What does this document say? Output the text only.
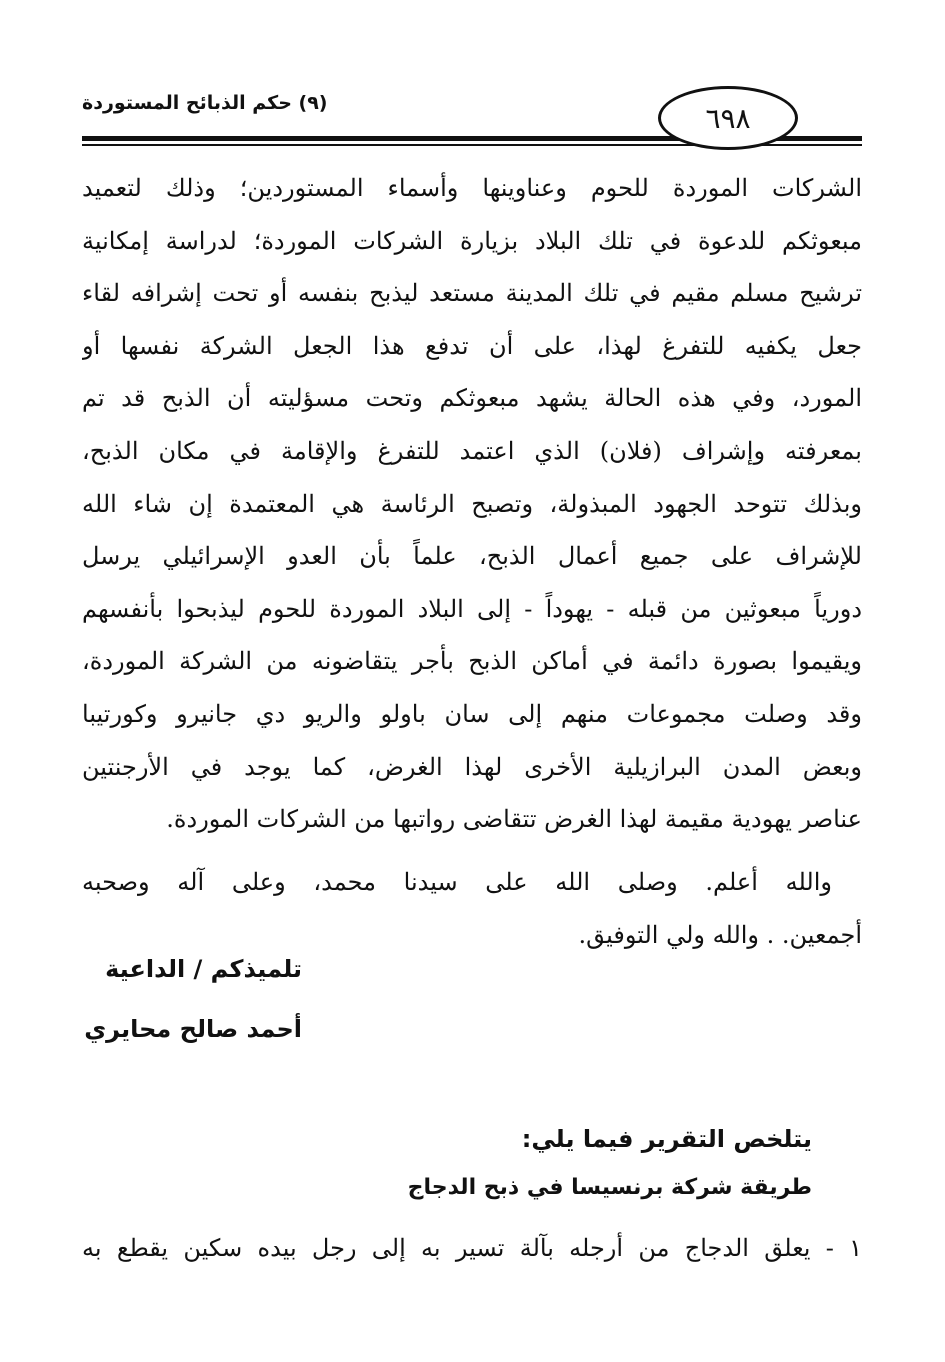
٦٩٨
(٩) حكم الذبائح المستوردة
الشركات الموردة للحوم وعناوينها وأسماء المستوردين؛ وذلك لتعميد
مبعوثكم للدعوة في تلك البلاد بزيارة الشركات الموردة؛ لدراسة إمكانية
ترشيح مسلم مقيم في تلك المدينة مستعد ليذبح بنفسه أو تحت إشرافه لقاء
جعل يكفيه للتفرغ لهذا، على أن تدفع هذا الجعل الشركة نفسها أو
المورد، وفي هذه الحالة يشهد مبعوثكم وتحت مسؤليته أن الذبح قد تم
بمعرفته وإشراف (فلان) الذي اعتمد للتفرغ والإقامة في مكان الذبح،
وبذلك تتوحد الجهود المبذولة، وتصبح الرئاسة هي المعتمدة إن شاء الله
للإشراف على جميع أعمال الذبح، علماً بأن العدو الإسرائيلي يرسل
دورياً مبعوثين من قبله - يهوداً - إلى البلاد الموردة للحوم ليذبحوا بأنفسهم
ويقيموا بصورة دائمة في أماكن الذبح بأجر يتقاضونه من الشركة الموردة،
وقد وصلت مجموعات منهم إلى سان باولو والريو دي جانيرو وكورتيبا
وبعض المدن البرازيلية الأخرى لهذا الغرض، كما يوجد في الأرجنتين
عناصر يهودية مقيمة لهذا الغرض تتقاضى رواتبها من الشركات الموردة.
والله أعلم. وصلى الله على سيدنا محمد، وعلى آله وصحبه
أجمعين. . والله ولي التوفيق.
تلميذكم / الداعية
أحمد صالح محايري
يتلخص التقرير فيما يلي:
طريقة شركة برنسيسا في ذبح الدجاج
١ - يعلق الدجاج من أرجله بآلة تسير به إلى رجل بيده سكين يقطع به
